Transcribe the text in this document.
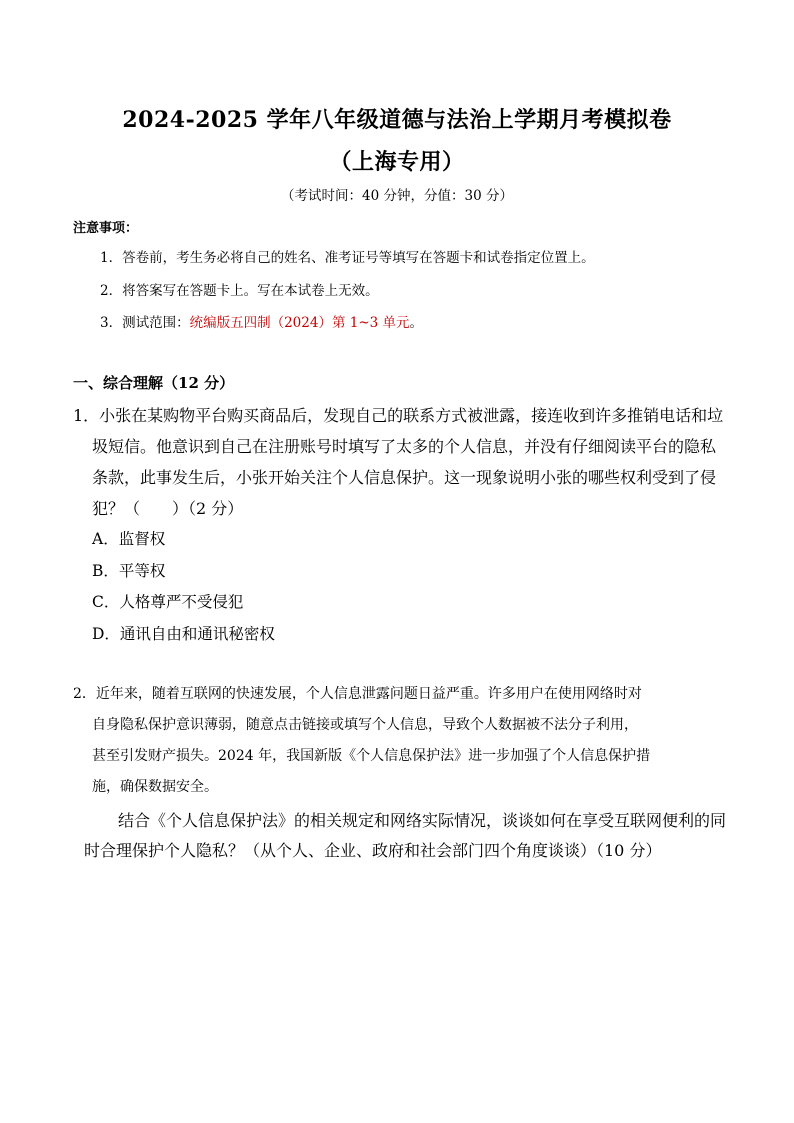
2024-2025 学年八年级道德与法治上学期月考模拟卷
（上海专用）
（考试时间：40 分钟，分值：30 分）
注意事项：
1．答卷前，考生务必将自己的姓名、准考证号等填写在答题卡和试卷指定位置上。
2．将答案写在答题卡上。写在本试卷上无效。
3．测试范围：统编版五四制（2024）第 1~3 单元。
一、综合理解（12 分）
1．小张在某购物平台购买商品后，发现自己的联系方式被泄露，接连收到许多推销电话和垃
圾短信。他意识到自己在注册账号时填写了太多的个人信息，并没有仔细阅读平台的隐私
条款，此事发生后，小张开始关注个人信息保护。这一现象说明小张的哪些权利受到了侵
犯？（　　）（2 分）
A．监督权
B．平等权
C．人格尊严不受侵犯
D．通讯自由和通讯秘密权
2．近年来，随着互联网的快速发展，个人信息泄露问题日益严重。许多用户在使用网络时对
自身隐私保护意识薄弱，随意点击链接或填写个人信息，导致个人数据被不法分子利用，
甚至引发财产损失。2024 年，我国新版《个人信息保护法》进一步加强了个人信息保护措
施，确保数据安全。
结合《个人信息保护法》的相关规定和网络实际情况，谈谈如何在享受互联网便利的同
时合理保护个人隐私？（从个人、企业、政府和社会部门四个角度谈谈）（10 分）
